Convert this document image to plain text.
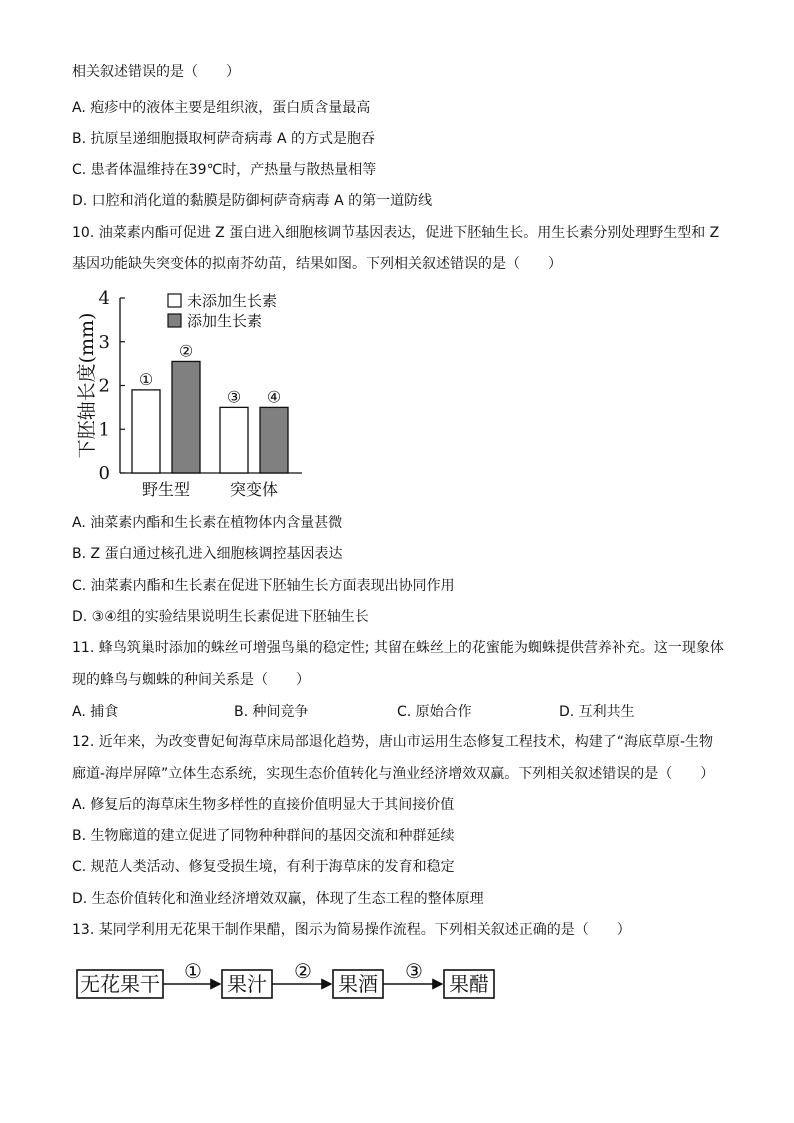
相关叙述错误的是（　　）
A. 疱疹中的液体主要是组织液，蛋白质含量最高
B. 抗原呈递细胞摄取柯萨奇病毒 A 的方式是胞吞
C. 患者体温维持在39℃时，产热量与散热量相等
D. 口腔和消化道的黏膜是防御柯萨奇病毒 A 的第一道防线
10. 油菜素内酯可促进 Z 蛋白进入细胞核调节基因表达，促进下胚轴生长。用生长素分别处理野生型和 Z
基因功能缺失突变体的拟南芥幼苗，结果如图。下列相关叙述错误的是（　　）
0
1
2
3
4
下胚轴长度(mm)	①
②
野生型
③ ④
突变体
未添加生长素
添加生长素
A. 油菜素内酯和生长素在植物体内含量甚微
B. Z 蛋白通过核孔进入细胞核调控基因表达
C. 油菜素内酯和生长素在促进下胚轴生长方面表现出协同作用
D. ③④组的实验结果说明生长素促进下胚轴生长
11. 蜂鸟筑巢时添加的蛛丝可增强鸟巢的稳定性; 其留在蛛丝上的花蜜能为蜘蛛提供营养补充。这一现象体
现的蜂鸟与蜘蛛的种间关系是（　　）
A. 捕食	B. 种间竞争	C. 原始合作	D. 互利共生
12. 近年来，为改变曹妃甸海草床局部退化趋势，唐山市运用生态修复工程技术，构建了“海底草原-生物
廊道-海岸屏障”立体生态系统，实现生态价值转化与渔业经济增效双赢。下列相关叙述错误的是（　　）
A. 修复后的海草床生物多样性的直接价值明显大于其间接价值
B. 生物廊道的建立促进了同物种种群间的基因交流和种群延续
C. 规范人类活动、修复受损生境，有利于海草床的发育和稳定
D. 生态价值转化和渔业经济增效双赢，体现了生态工程的整体原理
13. 某同学利用无花果干制作果醋，图示为简易操作流程。下列相关叙述正确的是（　　）
无花果干	果汁	果酒	果醋
①	②	③
